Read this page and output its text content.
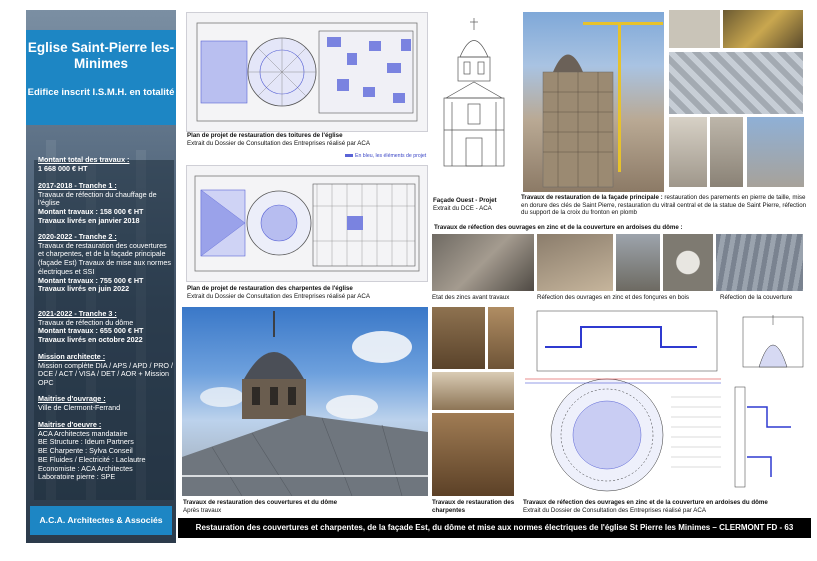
Eglise Saint-Pierre les-Minimes
Edifice inscrit I.S.M.H. en totalité
Montant total des travaux :
1 668 000 € HT
2017-2018 - Tranche 1 :
Travaux de réfection du chauffage de l'église
Montant travaux : 158 000 € HT
Travaux livrés en janvier 2018
2020-2022 - Tranche 2 :
Travaux de restauration des couvertures et charpentes, et de la façade principale (façade Est) Travaux de mise aux normes électriques et SSI
Montant travaux : 755 000 € HT
Travaux livrés en juin 2022
2021-2022 - Tranche 3 :
Travaux de réfection du dôme
Montant travaux : 655 000 € HT
Travaux livrés en octobre 2022
Mission architecte :
Mission complète DIA / APS / APD / PRO / DCE / ACT / VISA / DET / AOR + Mission OPC
Maitrise d'ouvrage :
Ville de Clermont-Ferrand
Maitrise d'oeuvre :
ACA Architectes mandataire
BE Structure : Ideum Partners
BE Charpente : Sylva Conseil
BE Fluides / Electricité : Laclautre
Economiste : ACA Architectes
Laboratoire pierre : SPE
A.C.A. Architectes & Associés
Plan de projet de restauration des toitures de l'église
Extrait du Dossier de Consultation des Entreprises réalisé par ACA
En bleu, les éléments de projet
Plan de projet de restauration des charpentes de l'église
Extrait du Dossier de Consultation des Entreprises réalisé par ACA
Façade Ouest - Projet
Extrait du DCE - ACA
Travaux de restauration de la façade principale : restauration des parements en pierre de taille, mise en dorure des clés de Saint Pierre, restauration du vitrail central et de la statue de Saint Pierre, réfection du support de la croix du fronton en plomb
Travaux de réfection des ouvrages en zinc et de la couverture en ardoises du dôme :
Etat des zincs avant travaux	Réfection des ouvrages en zinc et des fonçures en bois	Réfection de la couverture
Travaux de restauration des couvertures et du dôme
Après travaux
Travaux de restauration des charpentes
Travaux de réfection des ouvrages en zinc et de la couverture en ardoises du dôme
Extrait du Dossier de Consultation des Entreprises réalisé par ACA
Restauration des couvertures et charpentes, de la façade Est, du dôme et mise aux normes électriques de l'église St Pierre les Minimes – CLERMONT FD - 63
